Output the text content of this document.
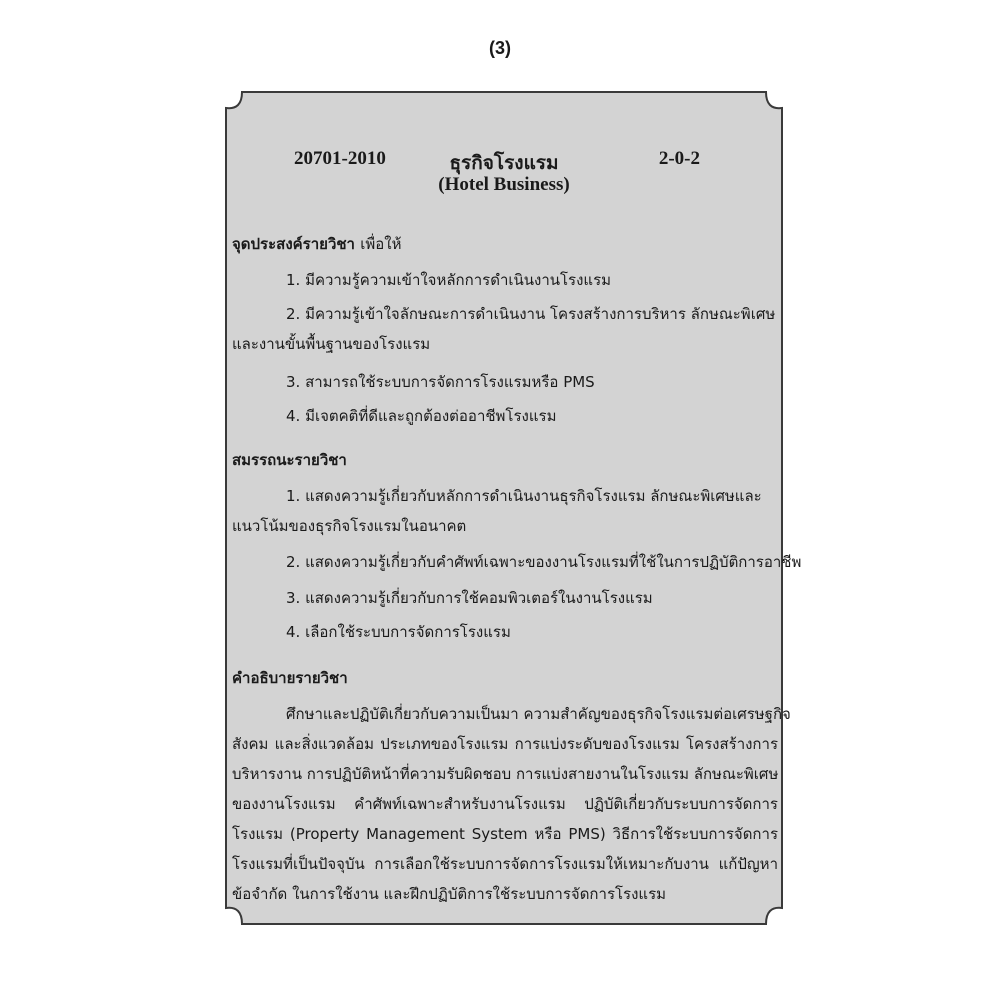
(3)
20701-2010	ธุรกิจโรงแรม	2-0-2
(Hotel Business)
จุดประสงค์รายวิชา เพื่อให้
1. มีความรู้ความเข้าใจหลักการดำเนินงานโรงแรม
2. มีความรู้เข้าใจลักษณะการดำเนินงาน โครงสร้างการบริหาร ลักษณะพิเศษ
และงานขั้นพื้นฐานของโรงแรม
3. สามารถใช้ระบบการจัดการโรงแรมหรือ PMS
4. มีเจตคติที่ดีและถูกต้องต่ออาชีพโรงแรม
สมรรถนะรายวิชา
1. แสดงความรู้เกี่ยวกับหลักการดำเนินงานธุรกิจโรงแรม ลักษณะพิเศษและ
แนวโน้มของธุรกิจโรงแรมในอนาคต
2. แสดงความรู้เกี่ยวกับคำศัพท์เฉพาะของงานโรงแรมที่ใช้ในการปฏิบัติการอาชีพ
3. แสดงความรู้เกี่ยวกับการใช้คอมพิวเตอร์ในงานโรงแรม
4. เลือกใช้ระบบการจัดการโรงแรม
คำอธิบายรายวิชา
ศึกษาและปฏิบัติเกี่ยวกับความเป็นมา ความสำคัญของธุรกิจโรงแรมต่อเศรษฐกิจ
สังคม และสิ่งแวดล้อม ประเภทของโรงแรม การแบ่งระดับของโรงแรม โครงสร้างการ
บริหารงาน การปฏิบัติหน้าที่ความรับผิดชอบ การแบ่งสายงานในโรงแรม ลักษณะพิเศษ
ของงานโรงแรม คำศัพท์เฉพาะสำหรับงานโรงแรม ปฏิบัติเกี่ยวกับระบบการจัดการ
โรงแรม (Property Management System หรือ PMS) วิธีการใช้ระบบการจัดการ
โรงแรมที่เป็นปัจจุบัน การเลือกใช้ระบบการจัดการโรงแรมให้เหมาะกับงาน แก้ปัญหา
ข้อจำกัด ในการใช้งาน และฝึกปฏิบัติการใช้ระบบการจัดการโรงแรม
